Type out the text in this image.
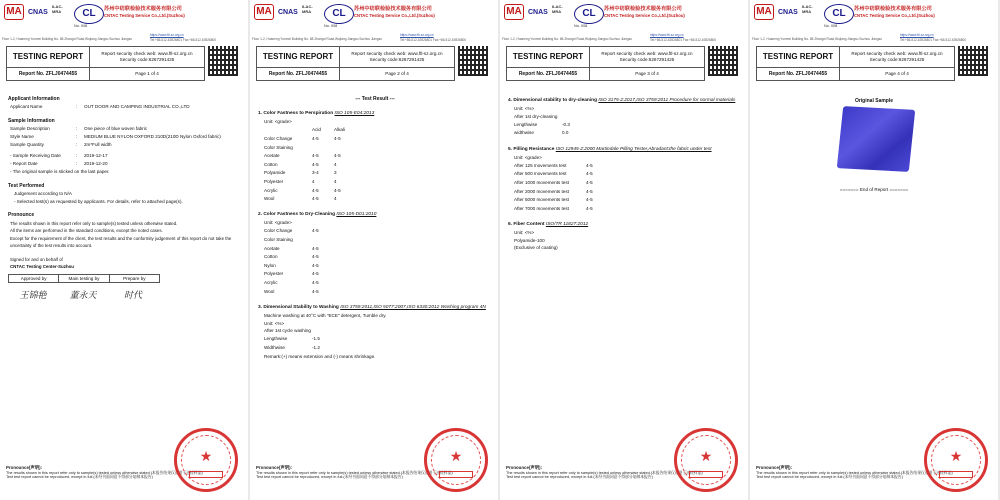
MA CNAS
ILAC-MRA	CL	苏州中纺联检验技术服务有限公司
CNTAC Testing Service Co.,Ltd.(Suzhou)
No. 008
Floor 1-2, Huaneng Yunmei Building No. 88 Zhangxi Road,Wujiang Jiangsu Suzhou Jiangsu
https://www.ftl-sz.org.cn
Tel:+86-512-63926801 Fax:+86-512-63926800
TESTING REPORT	Report security check web: www.ftl-sz.org.cn
Security code:6267291425
Report No. ZFLJ0474455	Page 1 of 4
Applicant Information
Applicant Name	:	OUT DOOR AND CAMPING INDUSTRIAL CO.,LTD
Sample Information
Sample Description	:	One piece of blue woven fabric
Style Name	:	MEDIUM BLUE NYLON OXFORD 210D(210D Nylon Oxford fabric)
Sample Quantity	:	2m*Full width
- Sample Receiving Date	:	2019-12-17
- Report Date	:	2019-12-20
- The original sample is sticked on the last paper.
Test Performed
Judgement according to N/A
- Selected test(s) as requested by applicants. For details, refer to attached page(s).
Pronounce
The results shown in this report refer only to sample(s) tested unless otherwise stated.
All the items are performed in the standard conditions, except the noted cases.
Except for the requirement of the client, the test results and the conformity judgement of this report do not take the
uncertainty of the test results into account.
Signed for and on behalf of
CNTAC Testing Center-Suzhou
Approved by	Main testing by	Prepare by
王锦艳	董永天	时代
Pronounce(声明):
The results shown in this report refer only to sample(s) tested unless otherwise stated.(本报告结果仅适用于送检样品)
Test test report cannot be reproduced, except in full.(未经书面同意不得部分复制本报告)
★
MA CNAS
ILAC-MRA	CL	苏州中纺联检验技术服务有限公司
CNTAC Testing Service Co.,Ltd.(Suzhou)
No. 008
Floor 1-2, Huaneng Yunmei Building No. 88 Zhangxi Road,Wujiang Jiangsu Suzhou Jiangsu
https://www.ftl-sz.org.cn
Tel:+86-512-63926801 Fax:+86-512-63926800
TESTING REPORT	Report security check web: www.ftl-sz.org.cn
Security code:6267291425
Report No. ZFLJ0474455	Page 2 of 4
--- Test Result ---
1. Color Fastness to Perspiration ISO 105-E04:2013
Unit: <grade>
Acid	Alkali
Color Change	4-5	4-5
Color Staining
Acetate	4-5	4-5
Cotton	4-5	4
Polyamide	3-4	3
Polyester	4	4
Acrylic	4-5	4-5
Wool	4-5	4
2. Color Fastness to Dry-Cleaning ISO 105-D01:2010
Unit: <grade>
Color Change	4-5
Color Staining
Acetate	4-5
Cotton	4-5
Nylon	4-5
Polyester	4-5
Acrylic	4-5
Wool	4-5
3. Dimensional Stability to Washing ISO 3759:2011,ISO 5077:2007,ISO 6330:2012 Washing program 4N
Machine washing at 40°C with "ECE" detergent, Tumble dry.
Unit: <%>
After 1st cycle washing
Lengthwise	-1.5
Widthwise	-1.2
Remark:(+) means extension and (-) means shrinkage.
Pronounce(声明):
The results shown in this report refer only to sample(s) tested unless otherwise stated.(本报告结果仅适用于送检样品)
Test test report cannot be reproduced, except in full.(未经书面同意不得部分复制本报告)
★
MA CNAS
ILAC-MRA	CL	苏州中纺联检验技术服务有限公司
CNTAC Testing Service Co.,Ltd.(Suzhou)
No. 008
Floor 1-2, Huaneng Yunmei Building No. 88 Zhangxi Road,Wujiang Jiangsu Suzhou Jiangsu
https://www.ftl-sz.org.cn
Tel:+86-512-63926801 Fax:+86-512-63926800
TESTING REPORT	Report security check web: www.ftl-sz.org.cn
Security code:6267291425
Report No. ZFLJ0474455	Page 3 of 4
4. Dimensional stability to dry-cleaning ISO 3175-2:2017,ISO 3759:2011 Procedure for normal materials
Unit: <%>
After 1st dry-cleaning
Lengthwise	-0.3
widthwise	0.0
5. Pilling Resistance ISO 12945-2:2000 Martindale Pilling Tester,Abradant:the fabric under test
Unit: <grade>
After 125 movements test	4-5
After 500 movements test	4-5
After 1000 movements test	4-5
After 2000 movements test	4-5
After 5000 movements test	4-5
After 7000 movements test	4-5
6. Fiber Content ISO/TR 11827:2012
Unit: <%>
Polyamide-100
(Exclusive of coating)
Pronounce(声明):
The results shown in this report refer only to sample(s) tested unless otherwise stated.(本报告结果仅适用于送检样品)
Test test report cannot be reproduced, except in full.(未经书面同意不得部分复制本报告)
★
MA CNAS
ILAC-MRA	CL	苏州中纺联检验技术服务有限公司
CNTAC Testing Service Co.,Ltd.(Suzhou)
No. 008
Floor 1-2, Huaneng Yunmei Building No. 88 Zhangxi Road,Wujiang Jiangsu Suzhou Jiangsu
https://www.ftl-sz.org.cn
Tel:+86-512-63926801 Fax:+86-512-63926800
TESTING REPORT	Report security check web: www.ftl-sz.org.cn
Security code:6267291425
Report No. ZFLJ0474455	Page 4 of 4
Original Sample
======= End of Report =======
Pronounce(声明):
The results shown in this report refer only to sample(s) tested unless otherwise stated.(本报告结果仅适用于送检样品)
Test test report cannot be reproduced, except in full.(未经书面同意不得部分复制本报告)
★
